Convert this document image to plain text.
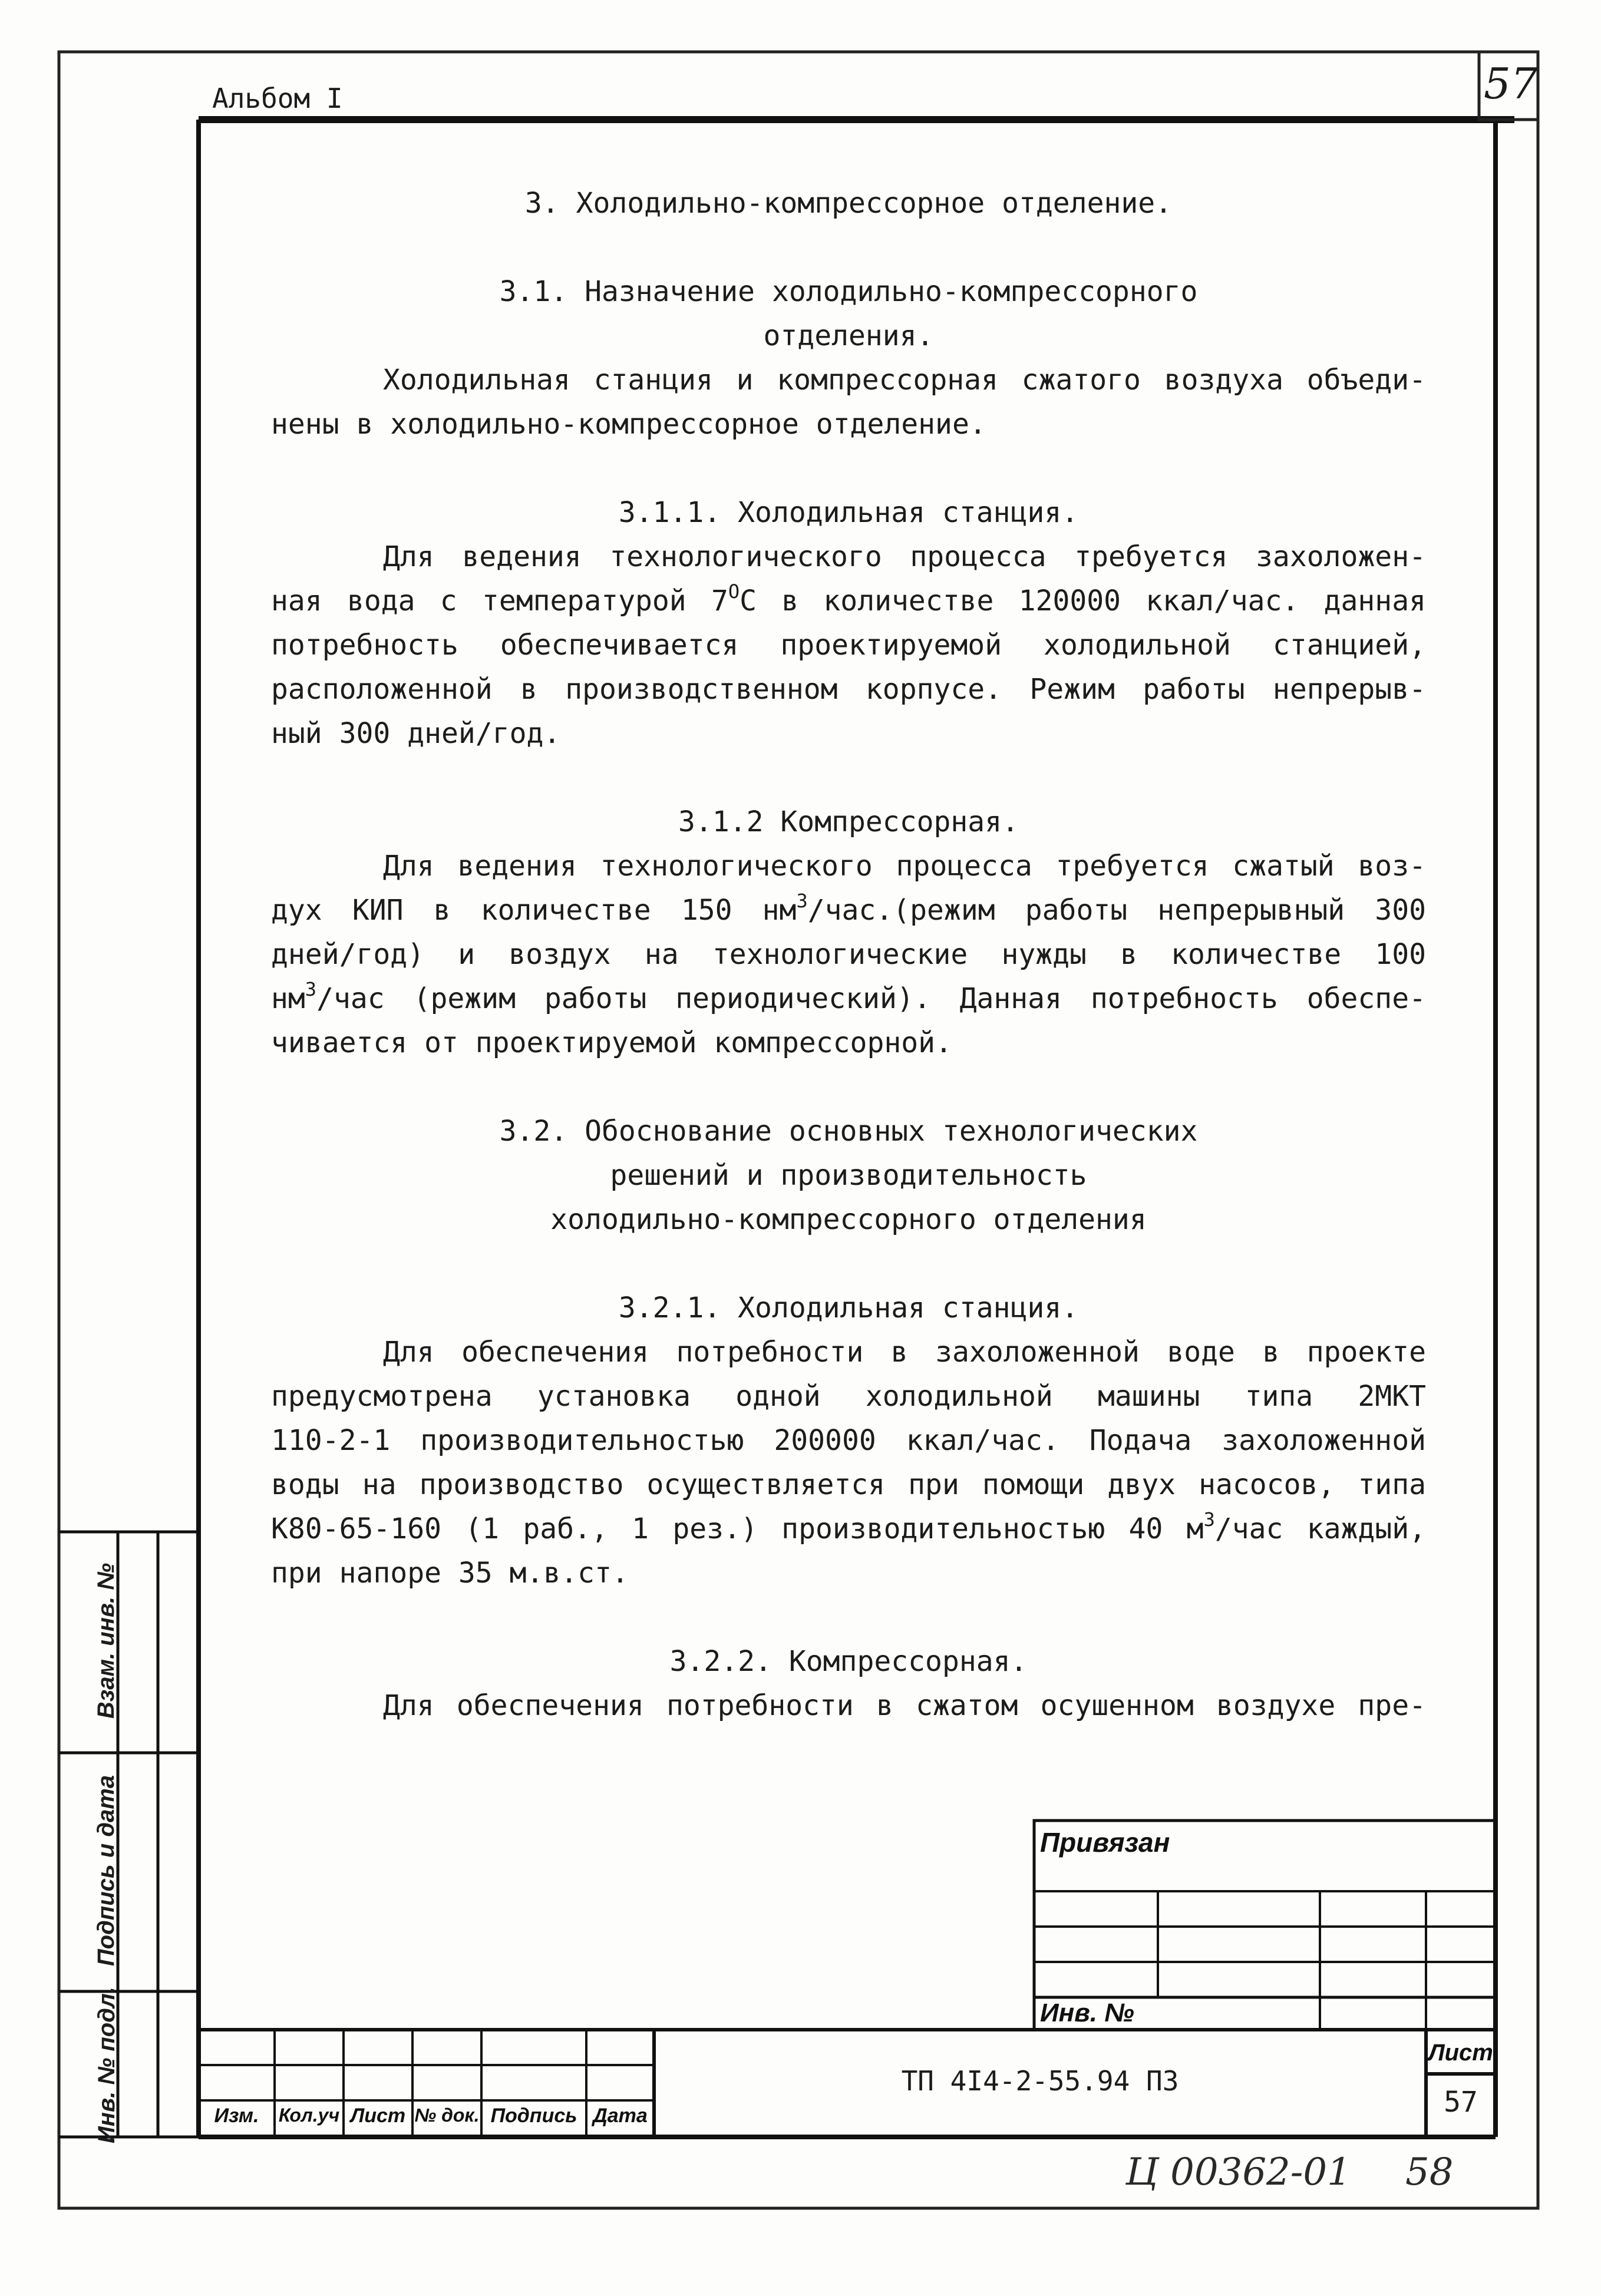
Альбом I	57
3. Холодильно-компрессорное отделение.
3.1. Назначение холодильно-компрессорного
отделения.
Холодильная станция и компрессорная сжатого воздуха объеди-
нены в холодильно-компрессорное отделение.
3.1.1. Холодильная станция.
Для ведения технологического процесса требуется захоложен-
ная вода с температурой $7^ОС$ в количестве 120000 ккал/час. данная
потребность обеспечивается проектируемой холодильной станцией,
расположенной в производственном корпусе. Режим работы непрерыв-
ный 300 дней/год.
3.1.2 Компрессорная.
Для ведения технологического процесса требуется сжатый воз-
дух КИП в количестве 150 $нм^3/час.(режим$ работы непрерывный 300
дней/год) и воздух на технологические нужды в количестве 100
$нм^3$/час (режим работы периодический). Данная потребность обеспе-
чивается от проектируемой компрессорной.
3.2. Обоснование основных технологических
решений и производительность
холодильно-компрессорного отделения
3.2.1. Холодильная станция.
Для обеспечения потребности в захоложенной воде в проекте
предусмотрена установка одной холодильной машины типа 2МКТ
110-2-1 производительностью 200000 ккал/час. Подача захоложенной
воды на производство осуществляется при помощи двух насосов, типа
К80-65-160 (1 раб., 1 рез.) производительностью 40 $м^3$/час каждый,
при напоре 35 м.в.ст.
3.2.2. Компрессорная.
Для обеспечения потребности в сжатом осушенном воздухе пре-
Привязан
Инв. №
ТП 4I4-2-55.94 ПЗ
Лист
57
Изм.	Кол.уч Лист № док. Подпись Дата
Инв. № подл.
Подпись и дата
Взам. инв. №
Ц 00362-01 58
